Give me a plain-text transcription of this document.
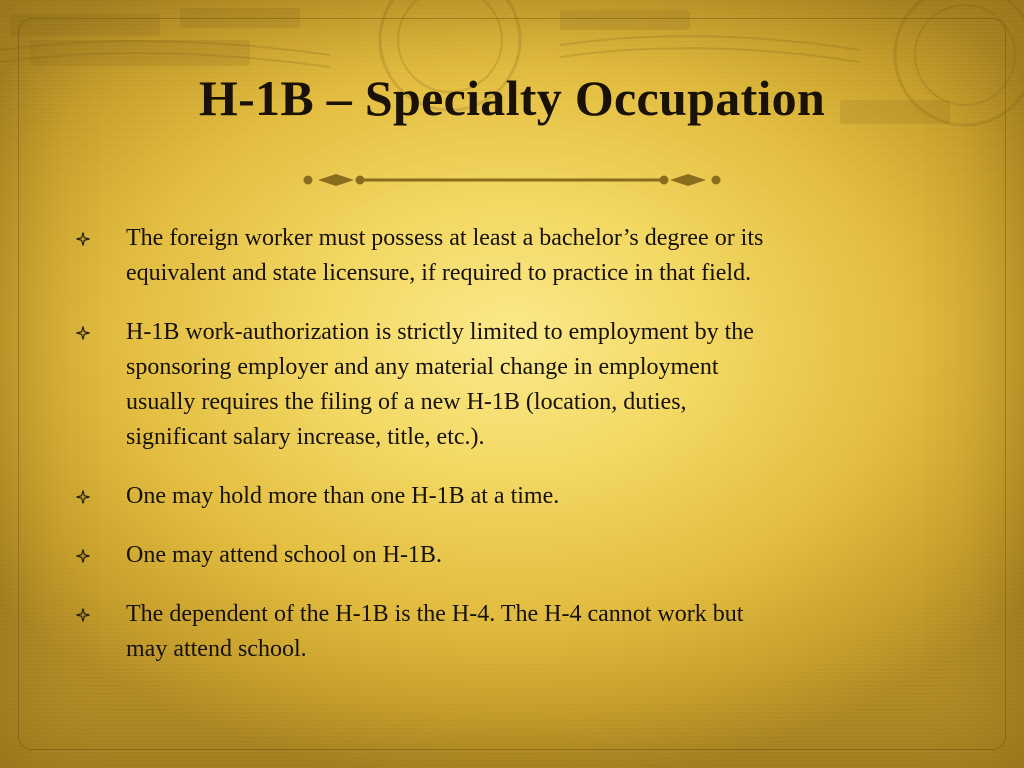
H-1B – Specialty Occupation
The foreign worker must possess at least a bachelor’s degree or its
equivalent and state licensure, if required to practice in that field.
H-1B work-authorization is strictly limited to employment by the
sponsoring employer and any material change in employment
usually requires the filing of a new H-1B (location, duties,
significant salary increase, title, etc.).
One may hold more than one H-1B at a time.
One may attend school on H-1B.
The dependent of the H-1B is the H-4. The H-4 cannot work but
may attend school.
